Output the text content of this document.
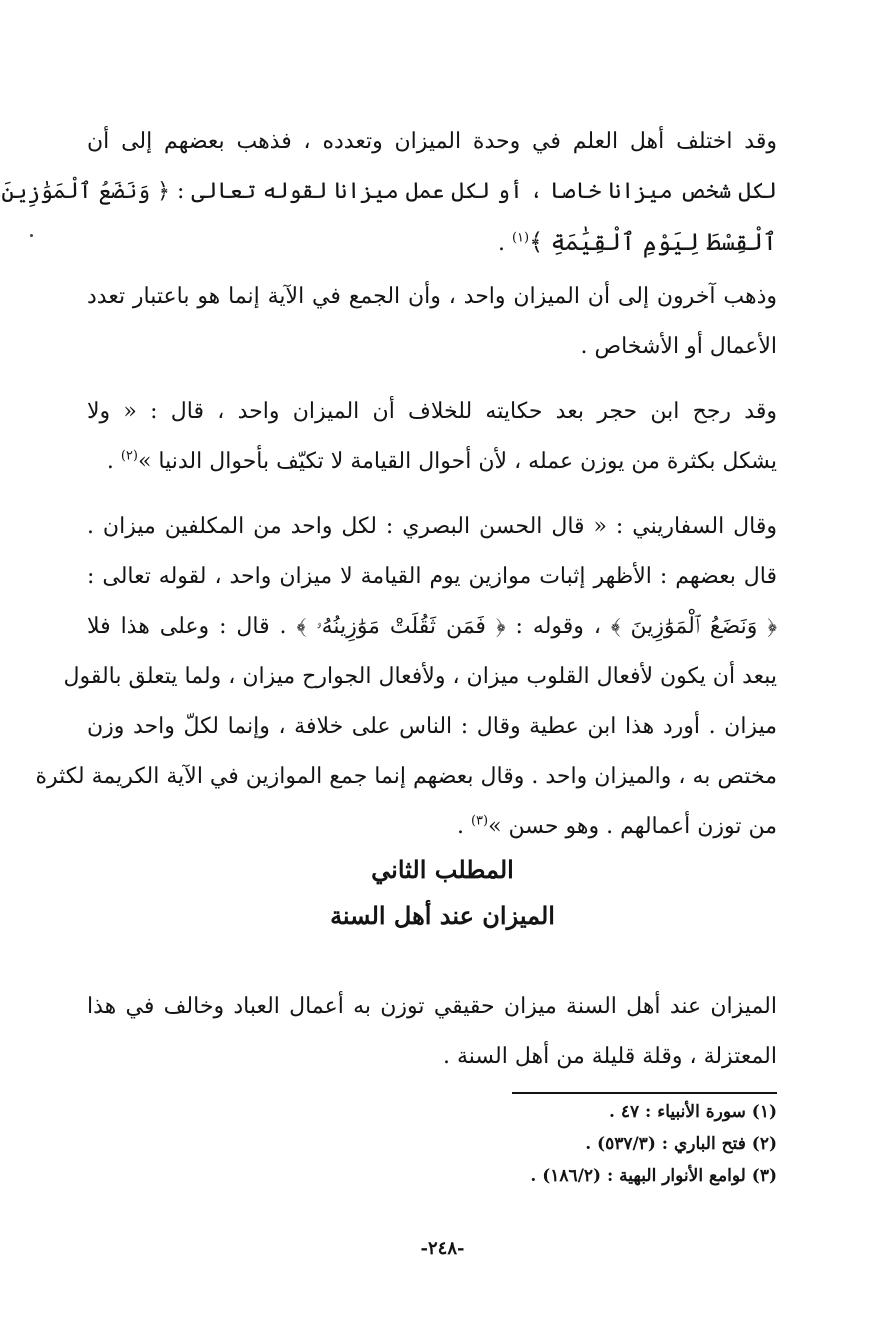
وقد اختلف أهل العلم في وحدة الميزان وتعدده ، فذهب بعضهم إلى أن
لكل شخص ميزانا خاصا ، أو لكل عمل ميزانا لقوله تعالى : ﴿ وَنَضَعُ ٱلْمَوَٰزِينَ
ٱلْقِسْطَ لِيَوْمِ ٱلْقِيَٰمَةِ ﴾$^{(١)}$ .
وذهب آخرون إلى أن الميزان واحد ، وأن الجمع في الآية إنما هو باعتبار تعدد
الأعمال أو الأشخاص .
وقد رجح ابن حجر بعد حكايته للخلاف أن الميزان واحد ، قال : « ولا
يشكل بكثرة من يوزن عمله ، لأن أحوال القيامة لا تكيّف بأحوال الدنيا »$^{(٢)}$ .
وقال السفاريني : « قال الحسن البصري : لكل واحد من المكلفين ميزان .
قال بعضهم : الأظهر إثبات موازين يوم القيامة لا ميزان واحد ، لقوله تعالى :
﴿ وَنَضَعُ ٱلْمَوَٰزِينَ ﴾ ، وقوله : ﴿ فَمَن ثَقُلَتْ مَوَٰزِينُهُۥ ﴾ . قال : وعلى هذا فلا
يبعد أن يكون لأفعال القلوب ميزان ، ولأفعال الجوارح ميزان ، ولما يتعلق بالقول
ميزان . أورد هذا ابن عطية وقال : الناس على خلافة ، وإنما لكلّ واحد وزن
مختص به ، والميزان واحد . وقال بعضهم إنما جمع الموازين في الآية الكريمة لكثرة
من توزن أعمالهم . وهو حسن »$^{(٣)}$ .
المطلب الثاني
الميزان عند أهل السنة
الميزان عند أهل السنة ميزان حقيقي توزن به أعمال العباد وخالف في هذا
المعتزلة ، وقلة قليلة من أهل السنة .
(١) سورة الأنبياء : ٤٧ .
(٢) فتح الباري : (٥٣٧/٣) .
(٣) لوامع الأنوار البهية : (١٨٦/٢) .
-٢٤٨-
